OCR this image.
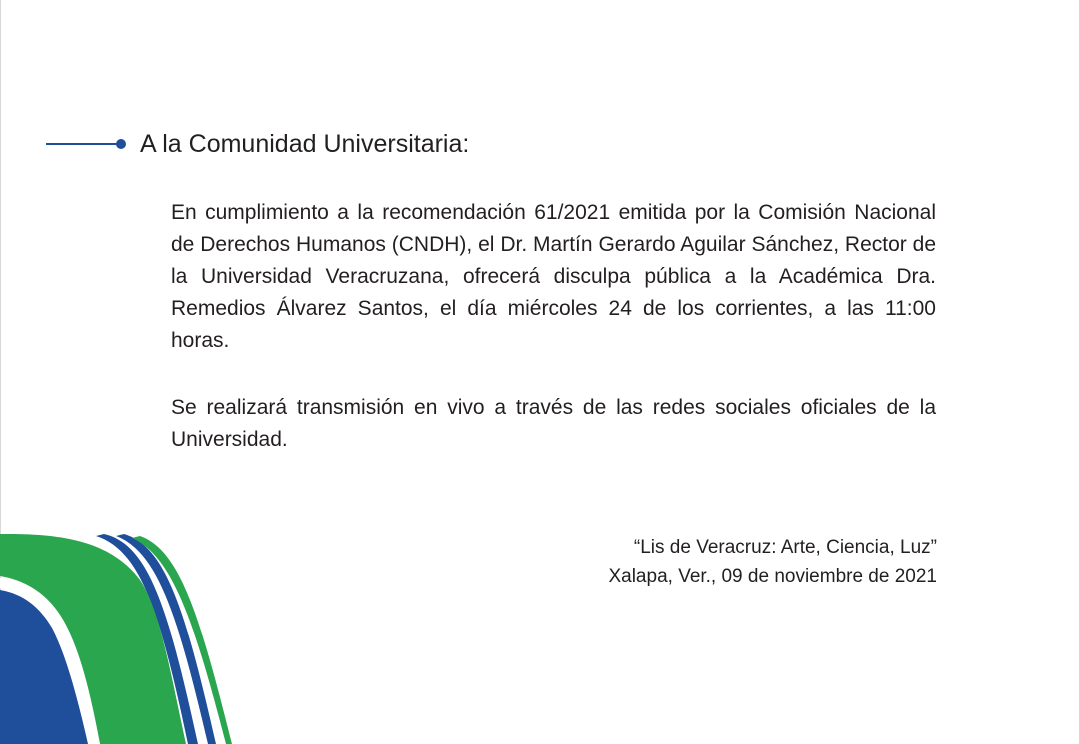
A la Comunidad Universitaria:

En cumplimiento a la recomendación 61/2021 emitida por la Comisión Nacional de Derechos Humanos (CNDH), el Dr. Martín Gerardo Aguilar Sánchez, Rector de la Universidad Veracruzana, ofrecerá disculpa pública a la Académica Dra. Remedios Álvarez Santos, el día miércoles 24 de los corrientes, a las 11:00 horas.

Se realizará transmisión en vivo a través de las redes sociales oficiales de la Universidad.

“Lis de Veracruz: Arte, Ciencia, Luz”
Xalapa, Ver., 09 de noviembre de 2021
